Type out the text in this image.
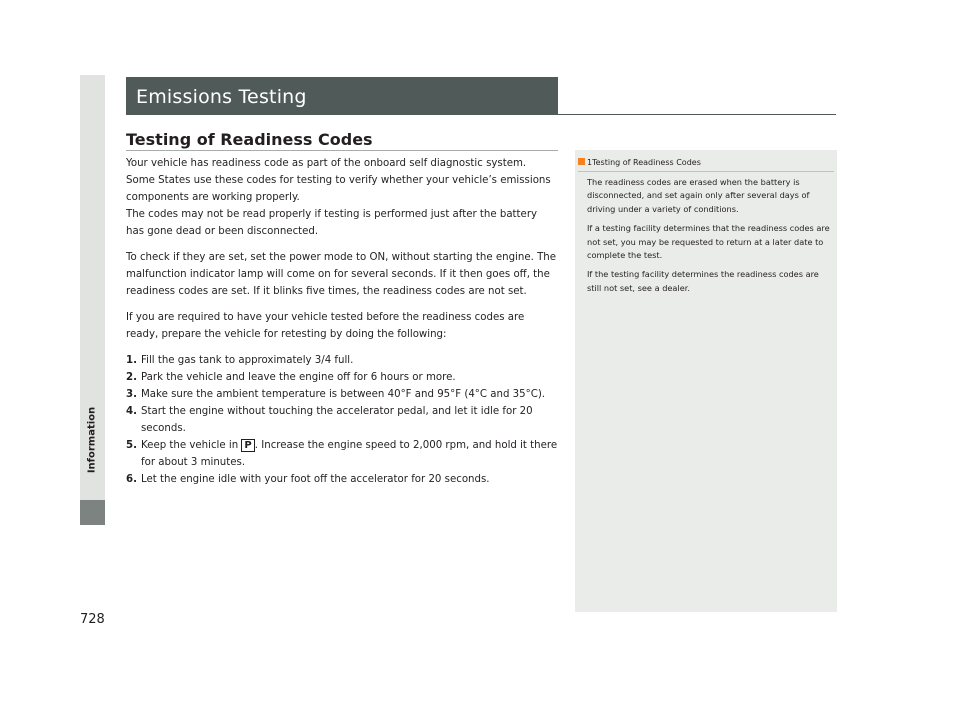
Information
728
Emissions Testing
Testing of Readiness Codes

Your vehicle has readiness code as part of the onboard self diagnostic system. Some States use these codes for testing to verify whether your vehicle’s emissions components are working properly.
The codes may not be read properly if testing is performed just after the battery has gone dead or been disconnected.

To check if they are set, set the power mode to ON, without starting the engine. The malfunction indicator lamp will come on for several seconds. If it then goes off, the readiness codes are set. If it blinks five times, the readiness codes are not set.

If you are required to have your vehicle tested before the readiness codes are ready, prepare the vehicle for retesting by doing the following:

1. Fill the gas tank to approximately 3/4 full.
2. Park the vehicle and leave the engine off for 6 hours or more.
3. Make sure the ambient temperature is between 40°F and 95°F (4°C and 35°C).
4. Start the engine without touching the accelerator pedal, and let it idle for 20 seconds.
5. Keep the vehicle in P . Increase the engine speed to 2,000 rpm, and hold it there for about 3 minutes.
6. Let the engine idle with your foot off the accelerator for 20 seconds.
1Testing of Readiness Codes

The readiness codes are erased when the battery is disconnected, and set again only after several days of driving under a variety of conditions.

If a testing facility determines that the readiness codes are not set, you may be requested to return at a later date to complete the test.

If the testing facility determines the readiness codes are still not set, see a dealer.
